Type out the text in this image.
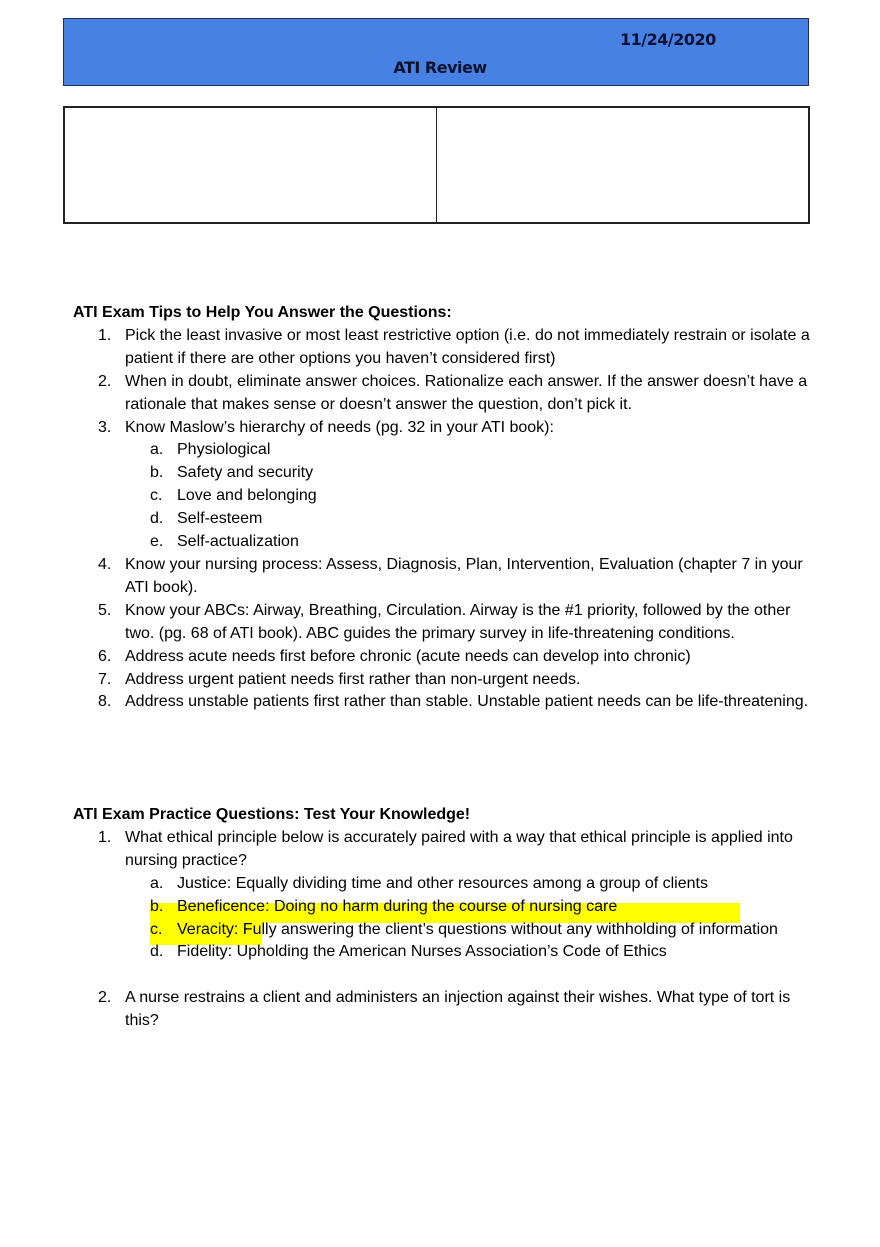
11/24/2020
ATI Review
ATI Exam Tips to Help You Answer the Questions:
1. Pick the least invasive or most least restrictive option (i.e. do not immediately restrain or isolate a patient if there are other options you haven’t considered first)
2. When in doubt, eliminate answer choices. Rationalize each answer. If the answer doesn’t have a rationale that makes sense or doesn’t answer the question, don’t pick it.
3. Know Maslow’s hierarchy of needs (pg. 32 in your ATI book):
a. Physiological
b. Safety and security
c. Love and belonging
d. Self-esteem
e. Self-actualization
4. Know your nursing process: Assess, Diagnosis, Plan, Intervention, Evaluation (chapter 7 in your ATI book).
5. Know your ABCs: Airway, Breathing, Circulation. Airway is the #1 priority, followed by the other two. (pg. 68 of ATI book). ABC guides the primary survey in life-threatening conditions.
6. Address acute needs first before chronic (acute needs can develop into chronic)
7. Address urgent patient needs first rather than non-urgent needs.
8. Address unstable patients first rather than stable. Unstable patient needs can be life-threatening.
ATI Exam Practice Questions: Test Your Knowledge!
1. What ethical principle below is accurately paired with a way that ethical principle is applied into nursing practice?
a. Justice: Equally dividing time and other resources among a group of clients
b. Beneficence: Doing no harm during the course of nursing care
c. Veracity: Fully answering the client’s questions without any withholding of information
d. Fidelity: Upholding the American Nurses Association’s Code of Ethics
2. A nurse restrains a client and administers an injection against their wishes. What type of tort is this?
